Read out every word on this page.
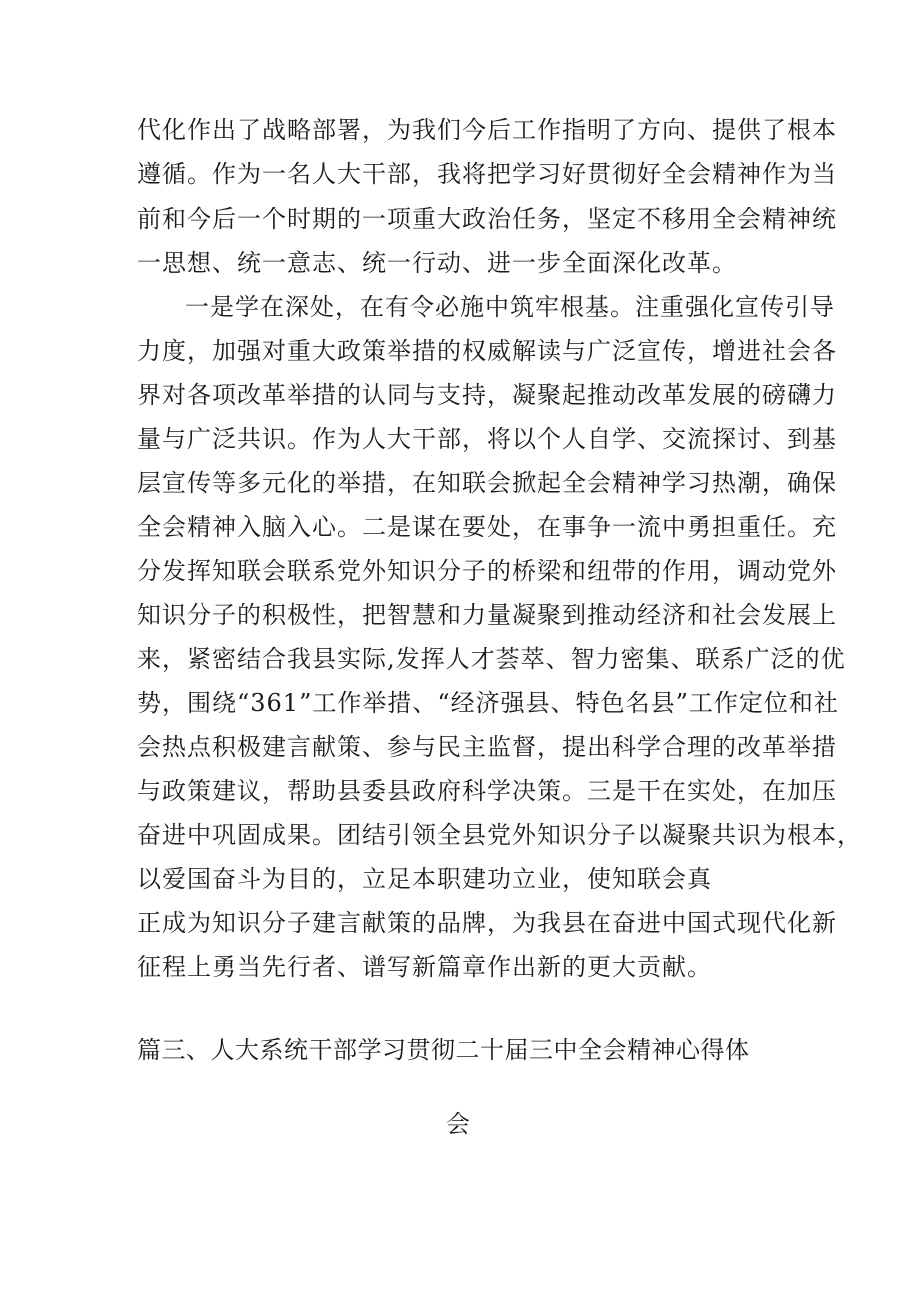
代化作出了战略部署，为我们今后工作指明了方向、提供了根本
遵循。作为一名人大干部，我将把学习好贯彻好全会精神作为当
前和今后一个时期的一项重大政治任务，坚定不移用全会精神统
一思想、统一意志、统一行动、进一步全面深化改革。
一是学在深处，在有令必施中筑牢根基。注重强化宣传引导
力度，加强对重大政策举措的权威解读与广泛宣传，增进社会各
界对各项改革举措的认同与支持，凝聚起推动改革发展的磅礴力
量与广泛共识。作为人大干部，将以个人自学、交流探讨、到基
层宣传等多元化的举措，在知联会掀起全会精神学习热潮，确保
全会精神入脑入心。二是谋在要处，在事争一流中勇担重任。充
分发挥知联会联系党外知识分子的桥梁和纽带的作用，调动党外
知识分子的积极性，把智慧和力量凝聚到推动经济和社会发展上
来，紧密结合我县实际,发挥人才荟萃、智力密集、联系广泛的优
势，围绕“361”工作举措、“经济强县、特色名县”工作定位和社
会热点积极建言献策、参与民主监督，提出科学合理的改革举措
与政策建议，帮助县委县政府科学决策。三是干在实处，在加压
奋进中巩固成果。团结引领全县党外知识分子以凝聚共识为根本，
以爱国奋斗为目的，立足本职建功立业，使知联会真
正成为知识分子建言献策的品牌，为我县在奋进中国式现代化新
征程上勇当先行者、谱写新篇章作出新的更大贡献。
篇三、人大系统干部学习贯彻二十届三中全会精神心得体
会
